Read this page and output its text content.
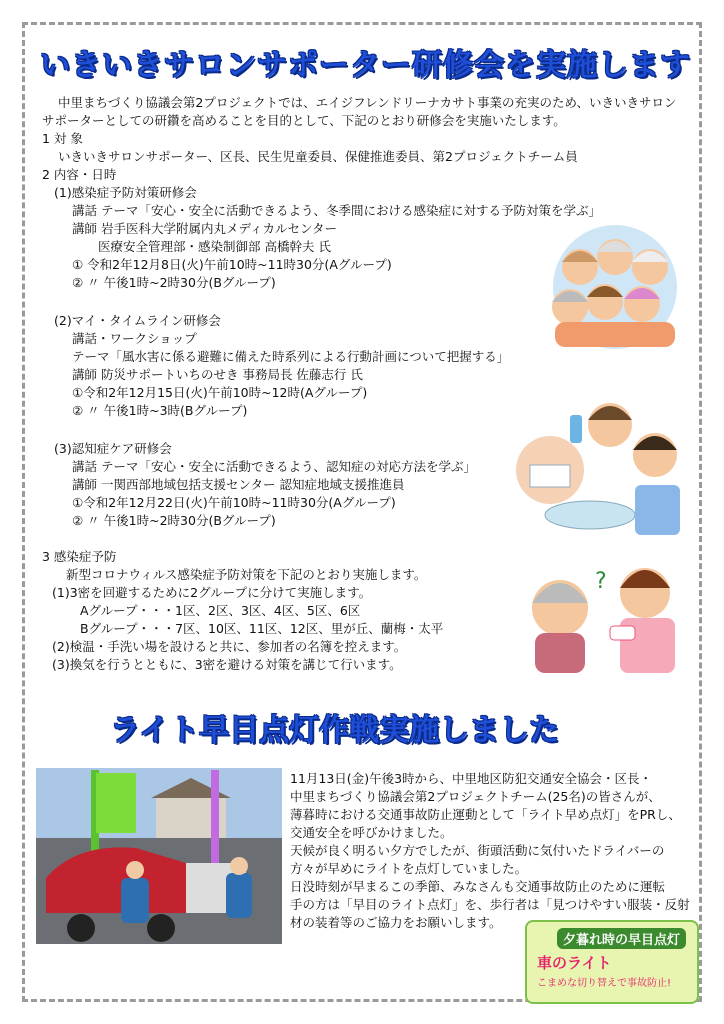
いきいきサロンサポーター研修会を実施します
中里まちづくり協議会第2プロジェクトでは、エイジフレンドリーナカサト事業の充実のため、いきいきサロン
サポーターとしての研鑽を高めることを目的として、下記のとおり研修会を実施いたします。
1 対 象
いきいきサロンサポーター、区長、民生児童委員、保健推進委員、第2プロジェクトチーム員
2 内容・日時
(1)感染症予防対策研修会
講話 テーマ「安心・安全に活動できるよう、冬季間における感染症に対する予防対策を学ぶ」
講師 岩手医科大学附属内丸メディカルセンター
医療安全管理部・感染制御部 高橋幹夫 氏
① 令和2年12月8日(火)午前10時~11時30分(Aグループ)
② 〃 午後1時~2時30分(Bグループ)
(2)マイ・タイムライン研修会
講話・ワークショップ
テーマ「風水害に係る避難に備えた時系列による行動計画について把握する」
講師 防災サポートいちのせき 事務局長 佐藤志行 氏
①令和2年12月15日(火)午前10時~12時(Aグループ)
② 〃 午後1時~3時(Bグループ)
(3)認知症ケア研修会
講話 テーマ「安心・安全に活動できるよう、認知症の対応方法を学ぶ」
講師 一関西部地域包括支援センター 認知症地域支援推進員
①令和2年12月22日(火)午前10時~11時30分(Aグループ)
② 〃 午後1時~2時30分(Bグループ)
3 感染症予防
新型コロナウィルス感染症予防対策を下記のとおり実施します。
(1)3密を回避するために2グループに分けて実施します。
Aグループ・・・1区、2区、3区、4区、5区、6区
Bグループ・・・7区、10区、11区、12区、里が丘、蘭梅・太平
(2)検温・手洗い場を設けると共に、参加者の名簿を控えます。
(3)換気を行うとともに、3密を避ける対策を講じて行います。
?
ライト早目点灯作戦実施しました
11月13日(金)午後3時から、中里地区防犯交通安全協会・区長・
中里まちづくり協議会第2プロジェクトチーム(25名)の皆さんが、
薄暮時における交通事故防止運動として「ライト早め点灯」をPRし、
交通安全を呼びかけました。
天候が良く明るい夕方でしたが、街頭活動に気付いたドライバーの
方々が早めにライトを点灯していました。
日没時刻が早まるこの季節、みなさんも交通事故防止のために運転
手の方は「早目のライト点灯」を、歩行者は「見つけやすい服装・反射
材の装着等のご協力をお願いします。
夕暮れ時の早目点灯
車のライト
こまめな切り替えで事故防止!
